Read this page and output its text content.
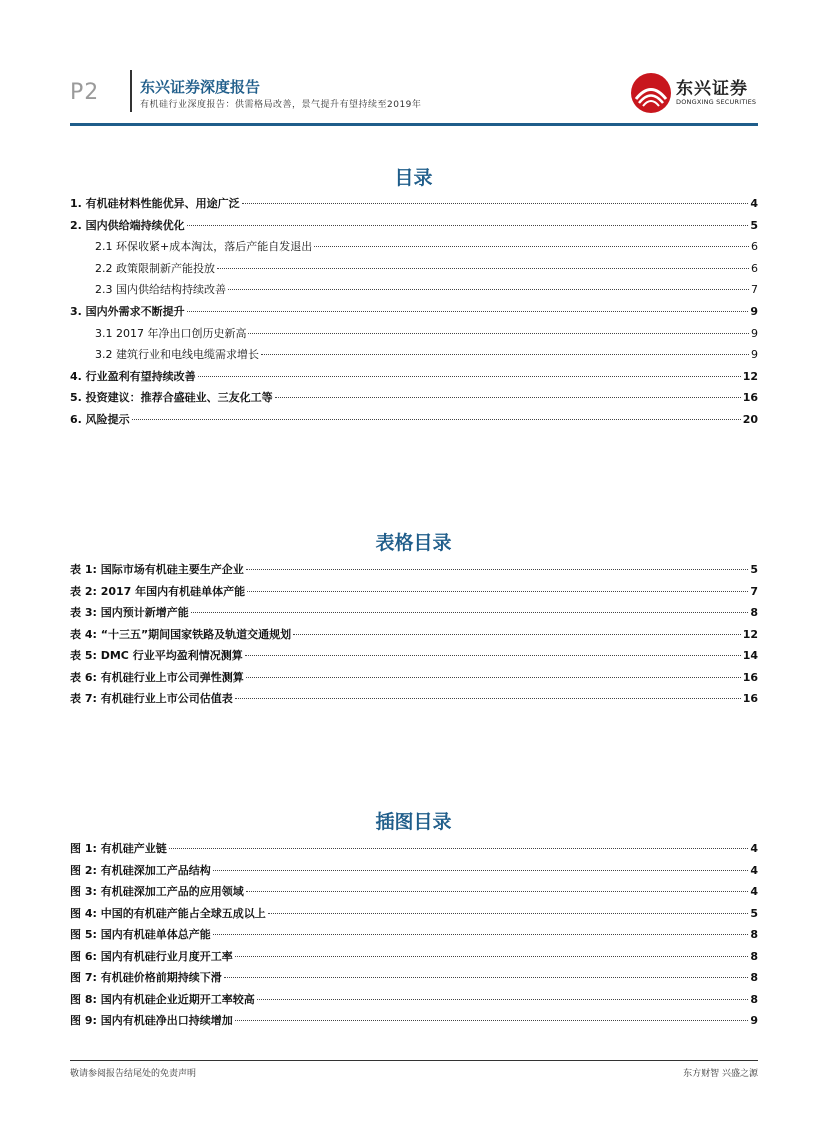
P2	东兴证券深度报告
有机硅行业深度报告：供需格局改善，景气提升有望持续至2019年
东兴证券
DONGXING SECURITIES
目录
1. 有机硅材料性能优异、用途广泛	4
2. 国内供给端持续优化	5
2.1 环保收紧+成本淘汰，落后产能自发退出	6
2.2 政策限制新产能投放	6
2.3 国内供给结构持续改善	7
3. 国内外需求不断提升	9
3.1 2017 年净出口创历史新高	9
3.2 建筑行业和电线电缆需求增长	9
4. 行业盈利有望持续改善	12
5. 投资建议：推荐合盛硅业、三友化工等	16
6. 风险提示	20
表格目录
表 1: 国际市场有机硅主要生产企业	5
表 2: 2017 年国内有机硅单体产能	7
表 3: 国内预计新增产能	8
表 4: “十三五”期间国家铁路及轨道交通规划	12
表 5: DMC 行业平均盈利情况测算	14
表 6: 有机硅行业上市公司弹性测算	16
表 7: 有机硅行业上市公司估值表	16
插图目录
图 1: 有机硅产业链	4
图 2: 有机硅深加工产品结构	4
图 3: 有机硅深加工产品的应用领域	4
图 4: 中国的有机硅产能占全球五成以上	5
图 5: 国内有机硅单体总产能	8
图 6: 国内有机硅行业月度开工率	8
图 7: 有机硅价格前期持续下滑	8
图 8: 国内有机硅企业近期开工率较高	8
图 9: 国内有机硅净出口持续增加	9
敬请参阅报告结尾处的免责声明	东方财智 兴盛之源
